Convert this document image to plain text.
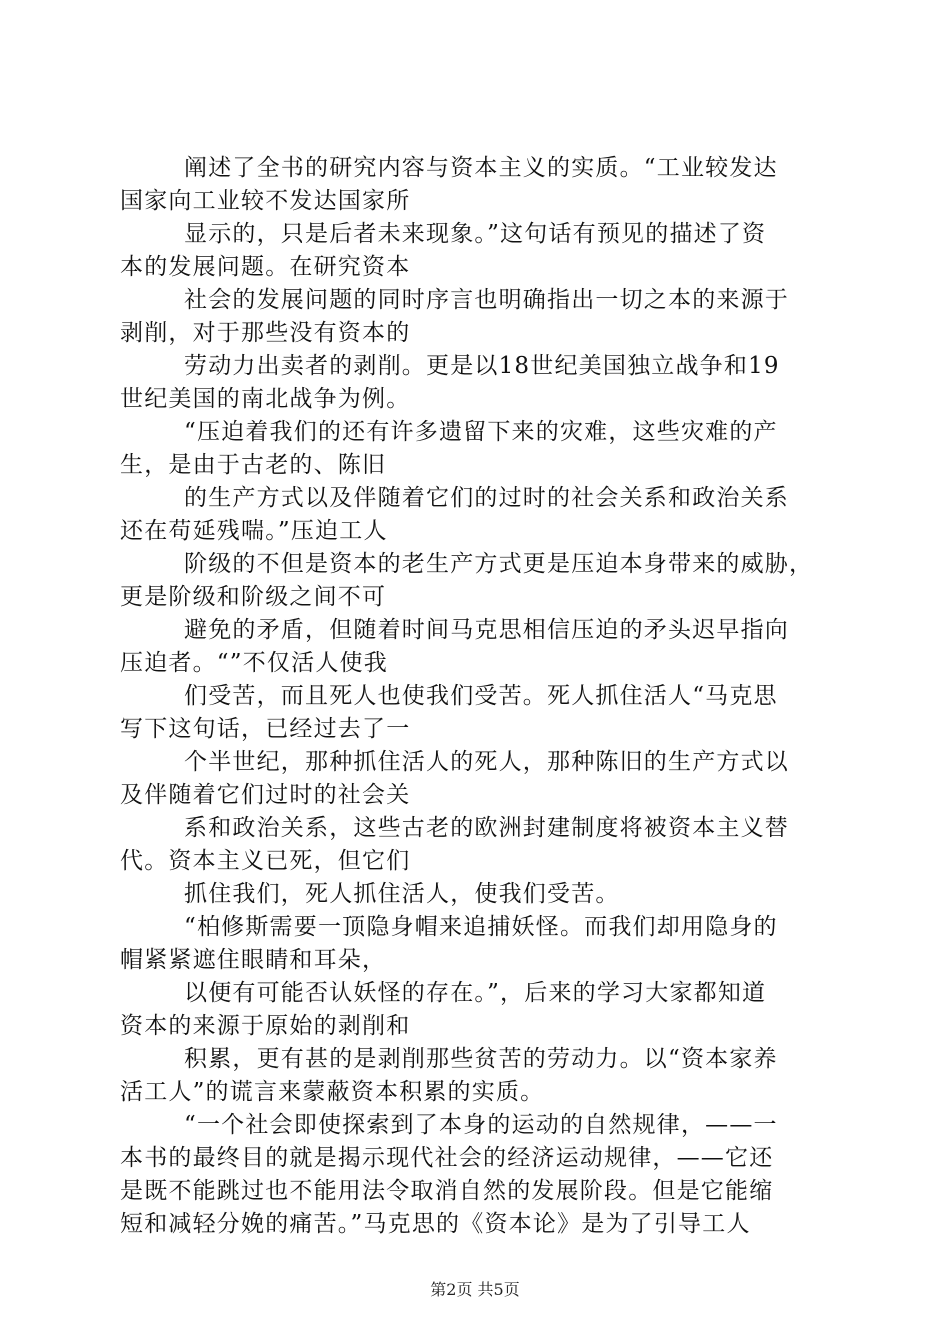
阐述了全书的研究内容与资本主义的实质。“工业较发达
国家向工业较不发达国家所
显示的，只是后者未来现象。”这句话有预见的描述了资
本的发展问题。在研究资本
社会的发展问题的同时序言也明确指出一切之本的来源于
剥削，对于那些没有资本的
劳动力出卖者的剥削。更是以18世纪美国独立战争和19
世纪美国的南北战争为例。
“压迫着我们的还有许多遗留下来的灾难，这些灾难的产
生，是由于古老的、陈旧
的生产方式以及伴随着它们的过时的社会关系和政治关系
还在苟延残喘。”压迫工人
阶级的不但是资本的老生产方式更是压迫本身带来的威胁，
更是阶级和阶级之间不可
避免的矛盾，但随着时间马克思相信压迫的矛头迟早指向
压迫者。“”不仅活人使我
们受苦，而且死人也使我们受苦。死人抓住活人“马克思
写下这句话，已经过去了一
个半世纪，那种抓住活人的死人，那种陈旧的生产方式以
及伴随着它们过时的社会关
系和政治关系，这些古老的欧洲封建制度将被资本主义替
代。资本主义已死，但它们
抓住我们，死人抓住活人，使我们受苦。
“柏修斯需要一顶隐身帽来追捕妖怪。而我们却用隐身的
帽紧紧遮住眼睛和耳朵，
以便有可能否认妖怪的存在。”，后来的学习大家都知道
资本的来源于原始的剥削和
积累，更有甚的是剥削那些贫苦的劳动力。以“资本家养
活工人”的谎言来蒙蔽资本积累的实质。
“一个社会即使探索到了本身的运动的自然规律，——一
本书的最终目的就是揭示现代社会的经济运动规律，——它还
是既不能跳过也不能用法令取消自然的发展阶段。但是它能缩
短和减轻分娩的痛苦。”马克思的《资本论》是为了引导工人
第2页 共5页
